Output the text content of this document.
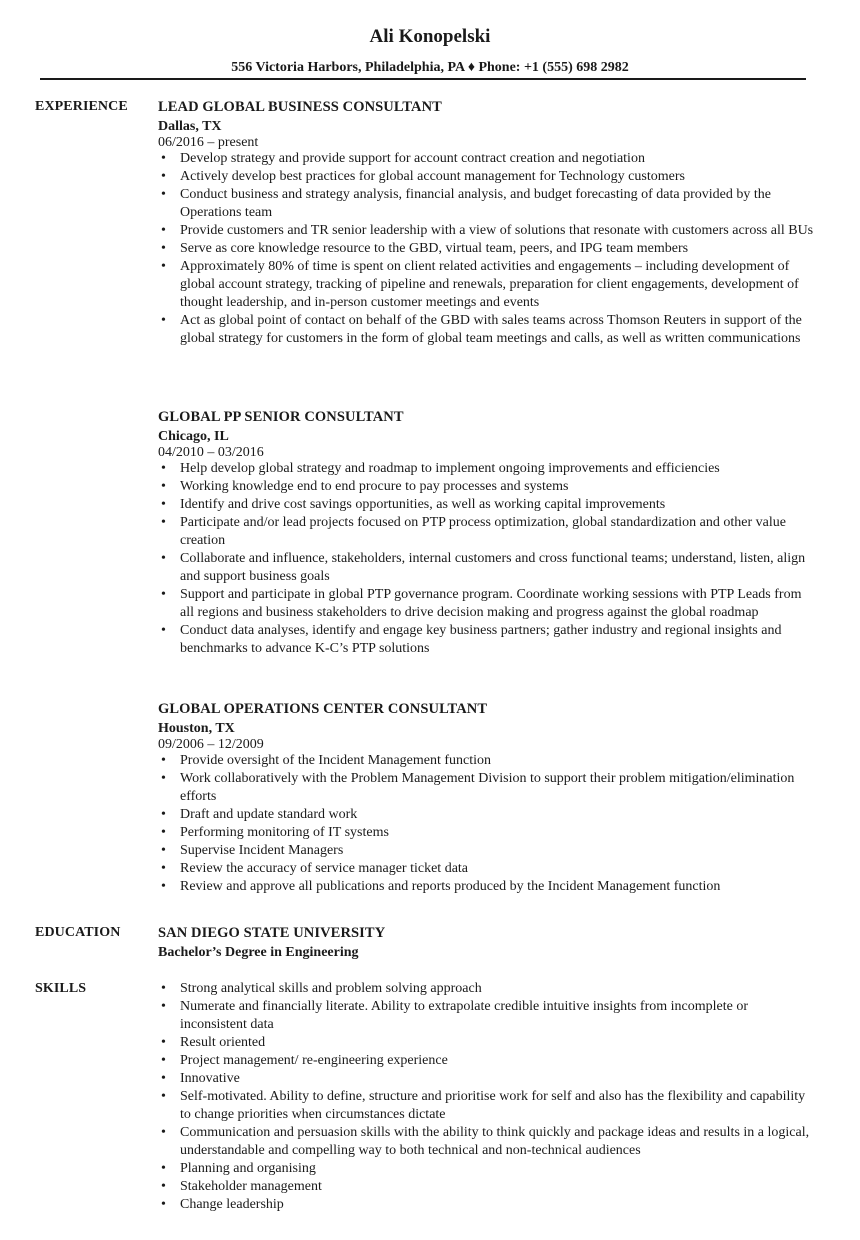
Ali Konopelski
556 Victoria Harbors, Philadelphia, PA ♦ Phone: +1 (555) 698 2982
EXPERIENCE LEAD GLOBAL BUSINESS CONSULTANT
Dallas, TX
06/2016 – present
• Develop strategy and provide support for account contract creation and negotiation
• Actively develop best practices for global account management for Technology customers
• Conduct business and strategy analysis, financial analysis, and budget forecasting of data provided by the Operations team
• Provide customers and TR senior leadership with a view of solutions that resonate with customers across all BUs
• Serve as core knowledge resource to the GBD, virtual team, peers, and IPG team members
• Approximately 80% of time is spent on client related activities and engagements – including development of global account strategy, tracking of pipeline and renewals, preparation for client engagements, development of thought leadership, and in-person customer meetings and events
• Act as global point of contact on behalf of the GBD with sales teams across Thomson Reuters in support of the global strategy for customers in the form of global team meetings and calls, as well as written communications
GLOBAL PP SENIOR CONSULTANT
Chicago, IL
04/2010 – 03/2016
• Help develop global strategy and roadmap to implement ongoing improvements and efficiencies
• Working knowledge end to end procure to pay processes and systems
• Identify and drive cost savings opportunities, as well as working capital improvements
• Participate and/or lead projects focused on PTP process optimization, global standardization and other value creation
• Collaborate and influence, stakeholders, internal customers and cross functional teams; understand, listen, align and support business goals
• Support and participate in global PTP governance program. Coordinate working sessions with PTP Leads from all regions and business stakeholders to drive decision making and progress against the global roadmap
• Conduct data analyses, identify and engage key business partners; gather industry and regional insights and benchmarks to advance K-C’s PTP solutions
GLOBAL OPERATIONS CENTER CONSULTANT
Houston, TX
09/2006 – 12/2009
• Provide oversight of the Incident Management function
• Work collaboratively with the Problem Management Division to support their problem mitigation/elimination efforts
• Draft and update standard work
• Performing monitoring of IT systems
• Supervise Incident Managers
• Review the accuracy of service manager ticket data
• Review and approve all publications and reports produced by the Incident Management function
EDUCATION	SAN DIEGO STATE UNIVERSITY
Bachelor’s Degree in Engineering
SKILLS
•	Strong analytical skills and problem solving approach
• Numerate and financially literate. Ability to extrapolate credible intuitive insights from incomplete or inconsistent data
• Result oriented
• Project management/ re-engineering experience
• Innovative
• Self-motivated. Ability to define, structure and prioritise work for self and also has the flexibility and capability to change priorities when circumstances dictate
• Communication and persuasion skills with the ability to think quickly and package ideas and results in a logical, understandable and compelling way to both technical and non-technical audiences
• Planning and organising
• Stakeholder management
• Change leadership
